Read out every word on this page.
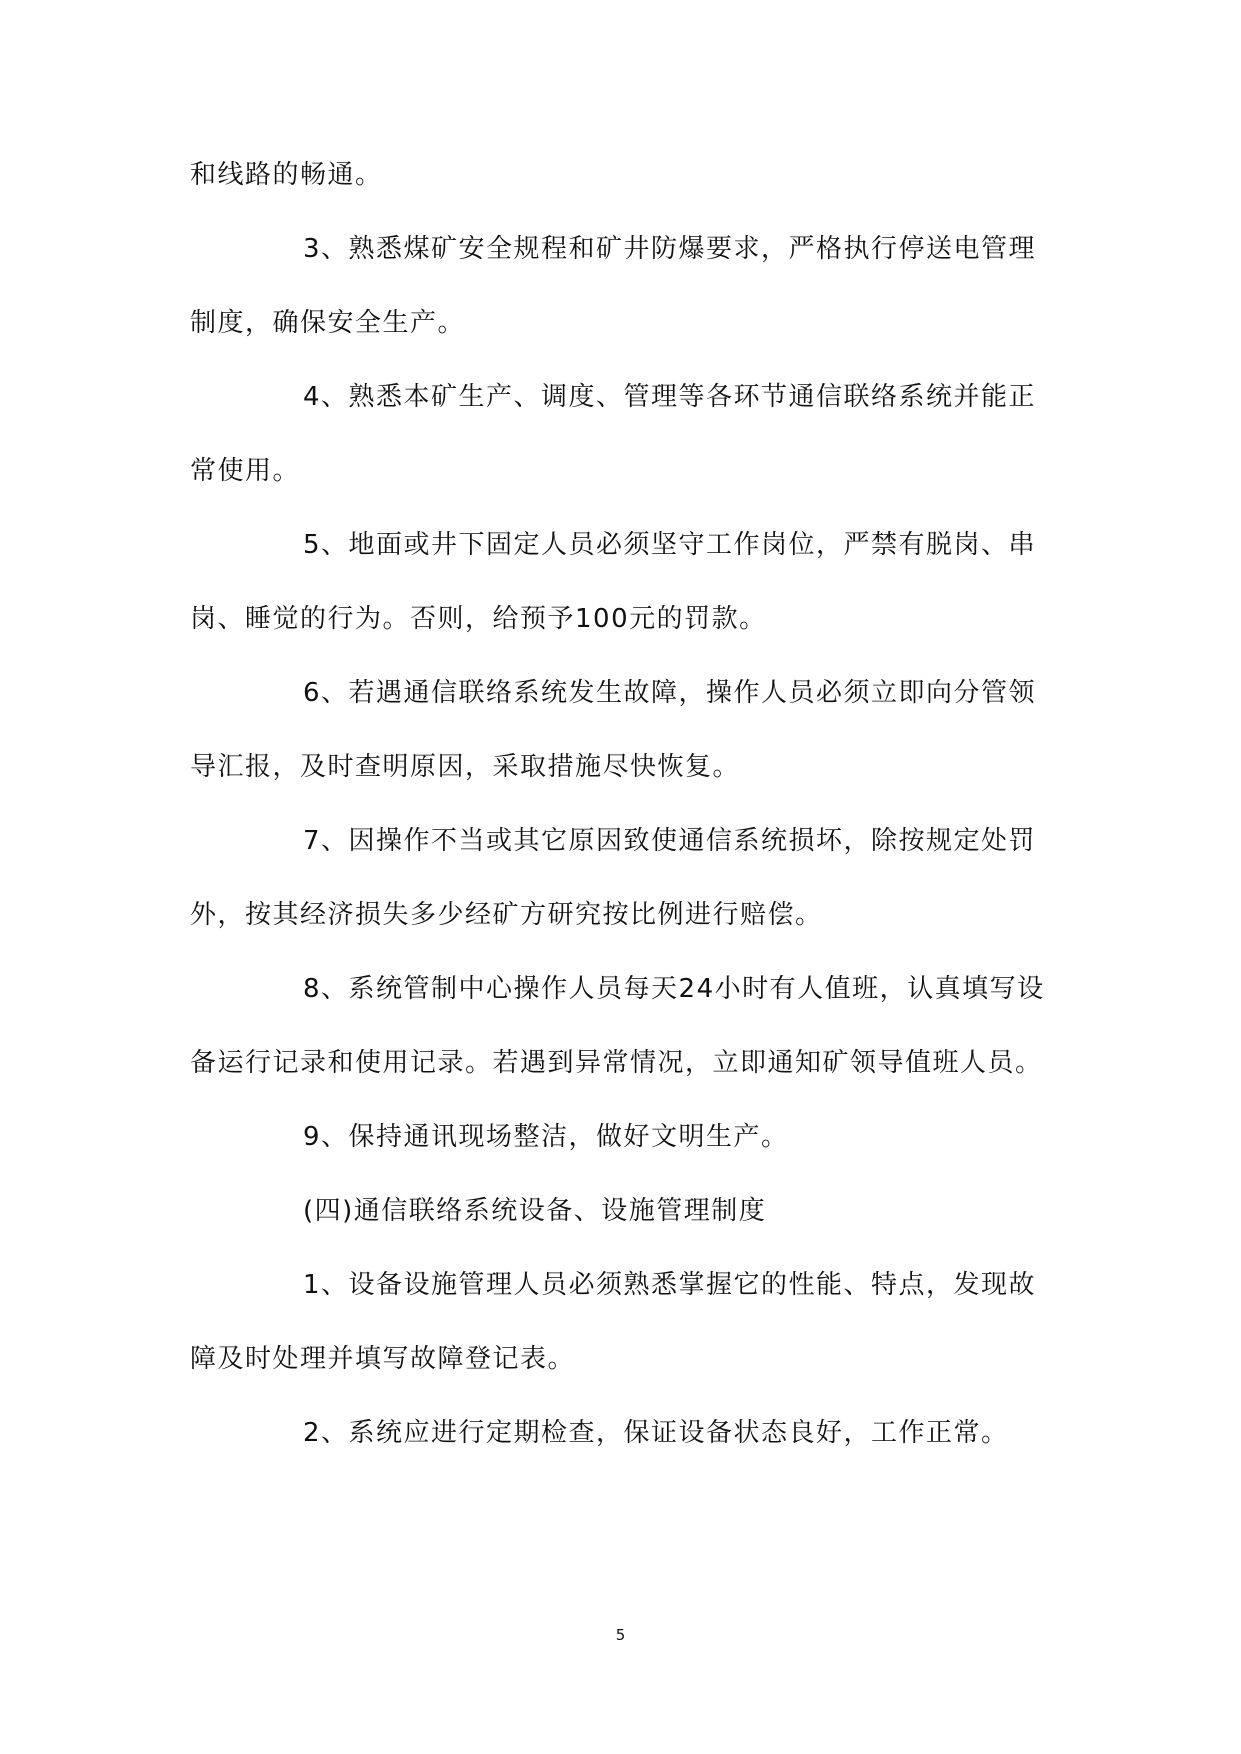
和线路的畅通。

3、熟悉煤矿安全规程和矿井防爆要求，严格执行停送电管理制度，确保安全生产。

4、熟悉本矿生产、调度、管理等各环节通信联络系统并能正常使用。

5、地面或井下固定人员必须坚守工作岗位，严禁有脱岗、串岗、睡觉的行为。否则，给预予100元的罚款。

6、若遇通信联络系统发生故障，操作人员必须立即向分管领导汇报，及时查明原因，采取措施尽快恢复。

7、因操作不当或其它原因致使通信系统损坏，除按规定处罚外，按其经济损失多少经矿方研究按比例进行赔偿。

8、系统管制中心操作人员每天24小时有人值班，认真填写设备运行记录和使用记录。若遇到异常情况，立即通知矿领导值班人员。

9、保持通讯现场整洁，做好文明生产。

(四)通信联络系统设备、设施管理制度

1、设备设施管理人员必须熟悉掌握它的性能、特点，发现故障及时处理并填写故障登记表。

2、系统应进行定期检查，保证设备状态良好，工作正常。

5
